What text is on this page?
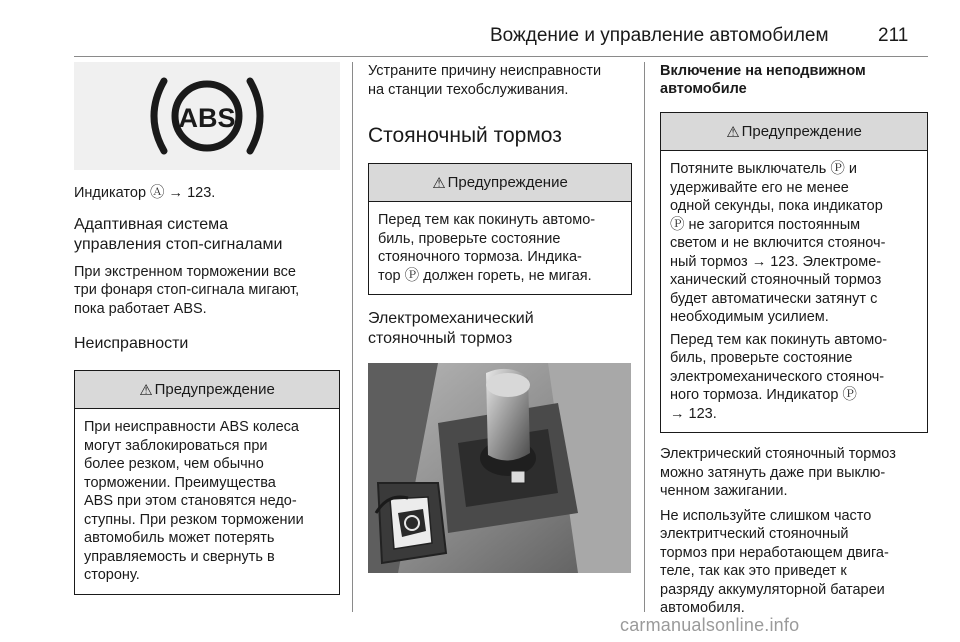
Вождение и управление автомобилем	211
ABS

Индикатор Ⓐ → 123.

Адаптивная система
управления стоп-сигналами

При экстренном торможении все

три фонаря стоп-сигнала мигают,

пока работает ABS.

Неисправности
⚠ Предупреждение

При неисправности ABS колеса

могут заблокироваться при

более резком, чем обычно

торможении. Преимущества

ABS при этом становятся недо-

ступны. При резком торможении

автомобиль может потерять

управляемость и свернуть в

сторону.

Устраните причину неисправности

на станции техобслуживания.

Стояночный тормоз
⚠ Предупреждение

Перед тем как покинуть автомо-

биль, проверьте состояние

стояночного тормоза. Индика-

тор Ⓟ должен гореть, не мигая.

Электромеханический
стояночный тормоз
Включение на неподвижном
автомобиле
⚠ Предупреждение

Потяните выключатель Ⓟ и

удерживайте его не менее

одной секунды, пока индикатор

Ⓟ не загорится постоянным

светом и не включится стояноч-

ный тормоз → 123. Электроме-

ханический стояночный тормоз

будет автоматически затянут с

необходимым усилием.

Перед тем как покинуть автомо-

биль, проверьте состояние

электромеханического стояноч-

ного тормоза. Индикатор Ⓟ

→ 123.

Электрический стояночный тормоз

можно затянуть даже при выклю-

ченном зажигании.

Не используйте слишком часто

электритческий стояночный

тормоз при неработающем двига-

теле, так как это приведет к

разряду аккумуляторной батареи

автомобиля.

carmanualsonline.info
